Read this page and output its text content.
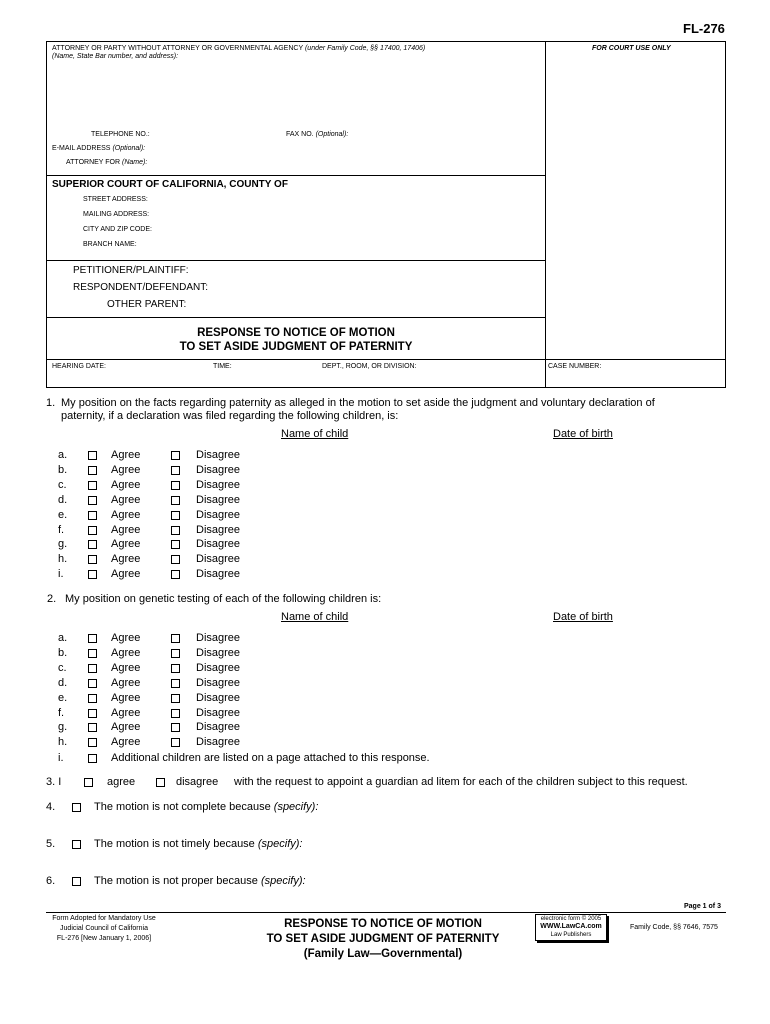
FL-276
ATTORNEY OR PARTY WITHOUT ATTORNEY OR GOVERNMENTAL AGENCY (under Family Code, §§ 17400, 17406)
(Name, State Bar number, and address):
FOR COURT USE ONLY
TELEPHONE NO.:	FAX NO. (Optional):
E-MAIL ADDRESS (Optional):
ATTORNEY FOR (Name):
SUPERIOR COURT OF CALIFORNIA, COUNTY OF
STREET ADDRESS:
MAILING ADDRESS:
CITY AND ZIP CODE:
BRANCH NAME:
PETITIONER/PLAINTIFF:
RESPONDENT/DEFENDANT:
OTHER PARENT:
RESPONSE TO NOTICE OF MOTION
TO SET ASIDE JUDGMENT OF PATERNITY
HEARING DATE:	TIME:	DEPT., ROOM, OR DIVISION:	CASE NUMBER:
1. My position on the facts regarding paternity as alleged in the motion to set aside the judgment and voluntary declaration of
paternity, if a declaration was filed regarding the following children, is:
Name of child	Date of birth
a.	Agree	Disagree
b.	Agree	Disagree
c.	Agree	Disagree
d.	Agree	Disagree
e.	Agree	Disagree
f.	Agree	Disagree
g.	Agree	Disagree
h.	Agree	Disagree
i.	Agree	Disagree
2. My position on genetic testing of each of the following children is:
Name of child	Date of birth
a.	Agree	Disagree
b.	Agree	Disagree
c.	Agree	Disagree
d.	Agree	Disagree
e.	Agree	Disagree
f.	Agree	Disagree
g.	Agree	Disagree
h.	Agree	Disagree
i.	Additional children are listed on a page attached to this response.
3. I	agree	disagree with the request to appoint a guardian ad litem for each of the children subject to this request.
4.	The motion is not complete because (specify):
5.	The motion is not timely because (specify):
6.	The motion is not proper because (specify):
Page 1 of 3
Form Adopted for Mandatory Use
Judicial Council of California
FL-276 [New January 1, 2006]
RESPONSE TO NOTICE OF MOTION
TO SET ASIDE JUDGMENT OF PATERNITY
(Family Law—Governmental)
electronic form © 2005
WWW.LawCA.com
Law Publishers
Family Code, §§ 7646, 7575
